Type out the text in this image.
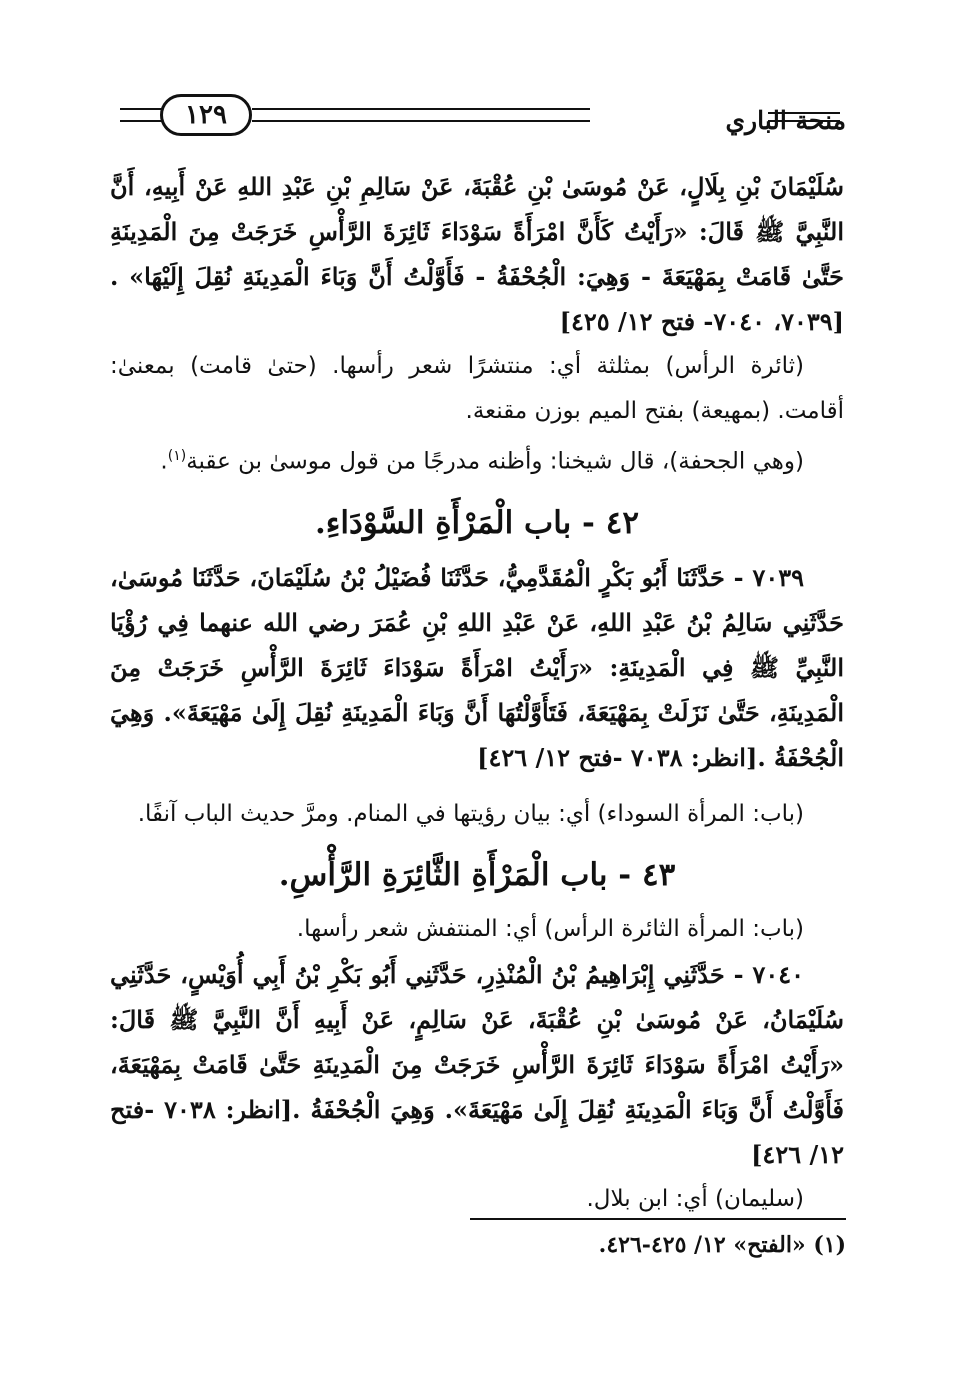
منحة الباري
١٢٩

سُلَيْمَانَ بْنِ بِلَالٍ، عَنْ مُوسَىٰ بْنِ عُقْبَةَ، عَنْ سَالِمِ بْنِ عَبْدِ اللهِ عَنْ أَبِيهِ، أَنَّ النَّبِيَّ ﷺ قَالَ: «رَأَيْتُ كَأَنَّ امْرَأَةً سَوْدَاءَ ثَائِرَةَ الرَّأْسِ خَرَجَتْ مِنَ الْمَدِينَةِ حَتَّىٰ قَامَتْ بِمَهْيَعَةَ - وَهِيَ: الْجُحْفَةُ - فَأَوَّلْتُ أَنَّ وَبَاءَ الْمَدِينَةِ نُقِلَ إِلَيْهَا» .[٧٠٣٩، ٧٠٤٠- فتح ١٢/ ٤٢٥]

(ثائرة الرأس) بمثلثة أي: منتشرًا شعر رأسها. (حتىٰ قامت) بمعنىٰ: أقامت. (بمهيعة) بفتح الميم بوزن مقنعة.

(وهي الجحفة)، قال شيخنا: وأظنه مدرجًا من قول موسىٰ بن عقبة$^{(١)}$.

٤٢ - باب الْمَرْأَةِ السَّوْدَاءِ.

٧٠٣٩ - حَدَّثَنَا أَبُو بَكْرٍ الْمُقَدَّمِيُّ، حَدَّثَنَا فُضَيْلُ بْنُ سُلَيْمَانَ، حَدَّثَنَا مُوسَىٰ، حَدَّثَنِي سَالِمُ بْنُ عَبْدِ اللهِ، عَنْ عَبْدِ اللهِ بْنِ عُمَرَ رضي الله عنهما فِي رُؤْيَا النَّبِيِّ ﷺ فِي الْمَدِينَةِ: «رَأَيْتُ امْرَأَةً سَوْدَاءَ ثَائِرَةَ الرَّأْسِ خَرَجَتْ مِنَ الْمَدِينَةِ، حَتَّىٰ نَزَلَتْ بِمَهْيَعَةَ، فَتَأَوَّلْتُهَا أَنَّ وَبَاءَ الْمَدِينَةِ نُقِلَ إِلَىٰ مَهْيَعَةَ». وَهِيَ الْجُحْفَةُ .[انظر: ٧٠٣٨ -فتح ١٢/ ٤٢٦]

(باب: المرأة السوداء) أي: بيان رؤيتها في المنام. ومرَّ حديث الباب آنفًا.

٤٣ - باب الْمَرْأَةِ الثَّائِرَةِ الرَّأْسِ.

(باب: المرأة الثائرة الرأس) أي: المنتفش شعر رأسها.

٧٠٤٠ - حَدَّثَنِي إِبْرَاهِيمُ بْنُ الْمُنْذِرِ، حَدَّثَنِي أَبُو بَكْرِ بْنُ أَبِي أُوَيْسٍ، حَدَّثَنِي سُلَيْمَانُ، عَنْ مُوسَىٰ بْنِ عُقْبَةَ، عَنْ سَالِمٍ، عَنْ أَبِيهِ أَنَّ النَّبِيَّ ﷺ قَالَ: «رَأَيْتُ امْرَأَةً سَوْدَاءَ ثَائِرَةَ الرَّأْسِ خَرَجَتْ مِنَ الْمَدِينَةِ حَتَّىٰ قَامَتْ بِمَهْيَعَةَ، فَأَوَّلْتُ أَنَّ وَبَاءَ الْمَدِينَةِ نُقِلَ إِلَىٰ مَهْيَعَةَ». وَهِيَ الْجُحْفَةُ .[انظر: ٧٠٣٨ -فتح ١٢/ ٤٢٦]

(سليمان) أي: ابن بلال.

(١) «الفتح» ١٢/ ٤٢٥-٤٢٦.
